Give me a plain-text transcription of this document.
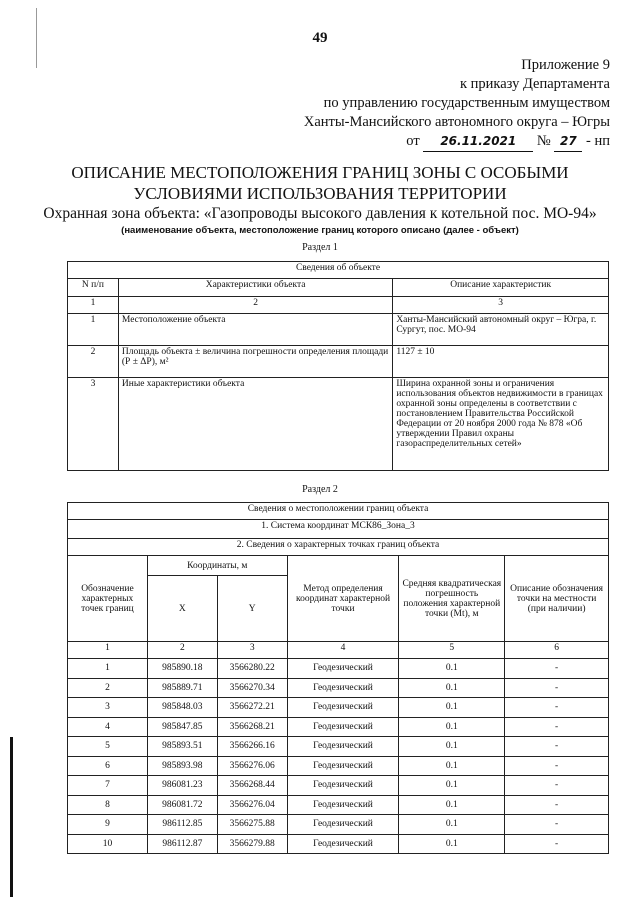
49
Приложение 9
к приказу Департамента
по управлению государственным имуществом
Ханты-Мансийского автономного округа – Югры
от 26.11.2021 № 27 - нп
ОПИСАНИЕ МЕСТОПОЛОЖЕНИЯ ГРАНИЦ ЗОНЫ С ОСОБЫМИ
УСЛОВИЯМИ ИСПОЛЬЗОВАНИЯ ТЕРРИТОРИИ
Охранная зона объекта: «Газопроводы высокого давления к котельной пос. МО-94»
(наименование объекта, местоположение границ которого описано (далее - объект)
Раздел 1
Сведения об объекте		
N п/п	Характеристики объекта	Описание характеристик
1	2	3
1	Местоположение объекта	Ханты-Мансийский автономный округ – Югра, г. Сургут, пос. МО-94
2	Площадь объекта ± величина погрешности определения площади (Р ± ΔР), м²	1127 ± 10
3	Иные характеристики объекта	Ширина охранной зоны и ограничения использования объектов недвижимости в границах охранной зоны определены в соответствии с постановлением Правительства Российской Федерации от 20 ноября 2000 года № 878 «Об утверждении Правил охраны газораспределительных сетей»
Раздел 2
Сведения о местоположении границ объекта					
1. Система координат МСК86_Зона_3					
2. Сведения о характерных точках границ объекта					
Обозначение характерных точек границ	Координаты, м		Метод определения координат характерной точки	Средняя квадратическая погрешность положения характерной точки (Mt), м	Описание обозначения точки на местности (при наличии)
	X	Y			
1	2	3	4	5	6
1	985890.18	3566280.22	Геодезический	0.1	-
2	985889.71	3566270.34	Геодезический	0.1	-
3	985848.03	3566272.21	Геодезический	0.1	-
4	985847.85	3566268.21	Геодезический	0.1	-
5	985893.51	3566266.16	Геодезический	0.1	-
6	985893.98	3566276.06	Геодезический	0.1	-
7	986081.23	3566268.44	Геодезический	0.1	-
8	986081.72	3566276.04	Геодезический	0.1	-
9	986112.85	3566275.88	Геодезический	0.1	-
10	986112.87	3566279.88	Геодезический	0.1	-
